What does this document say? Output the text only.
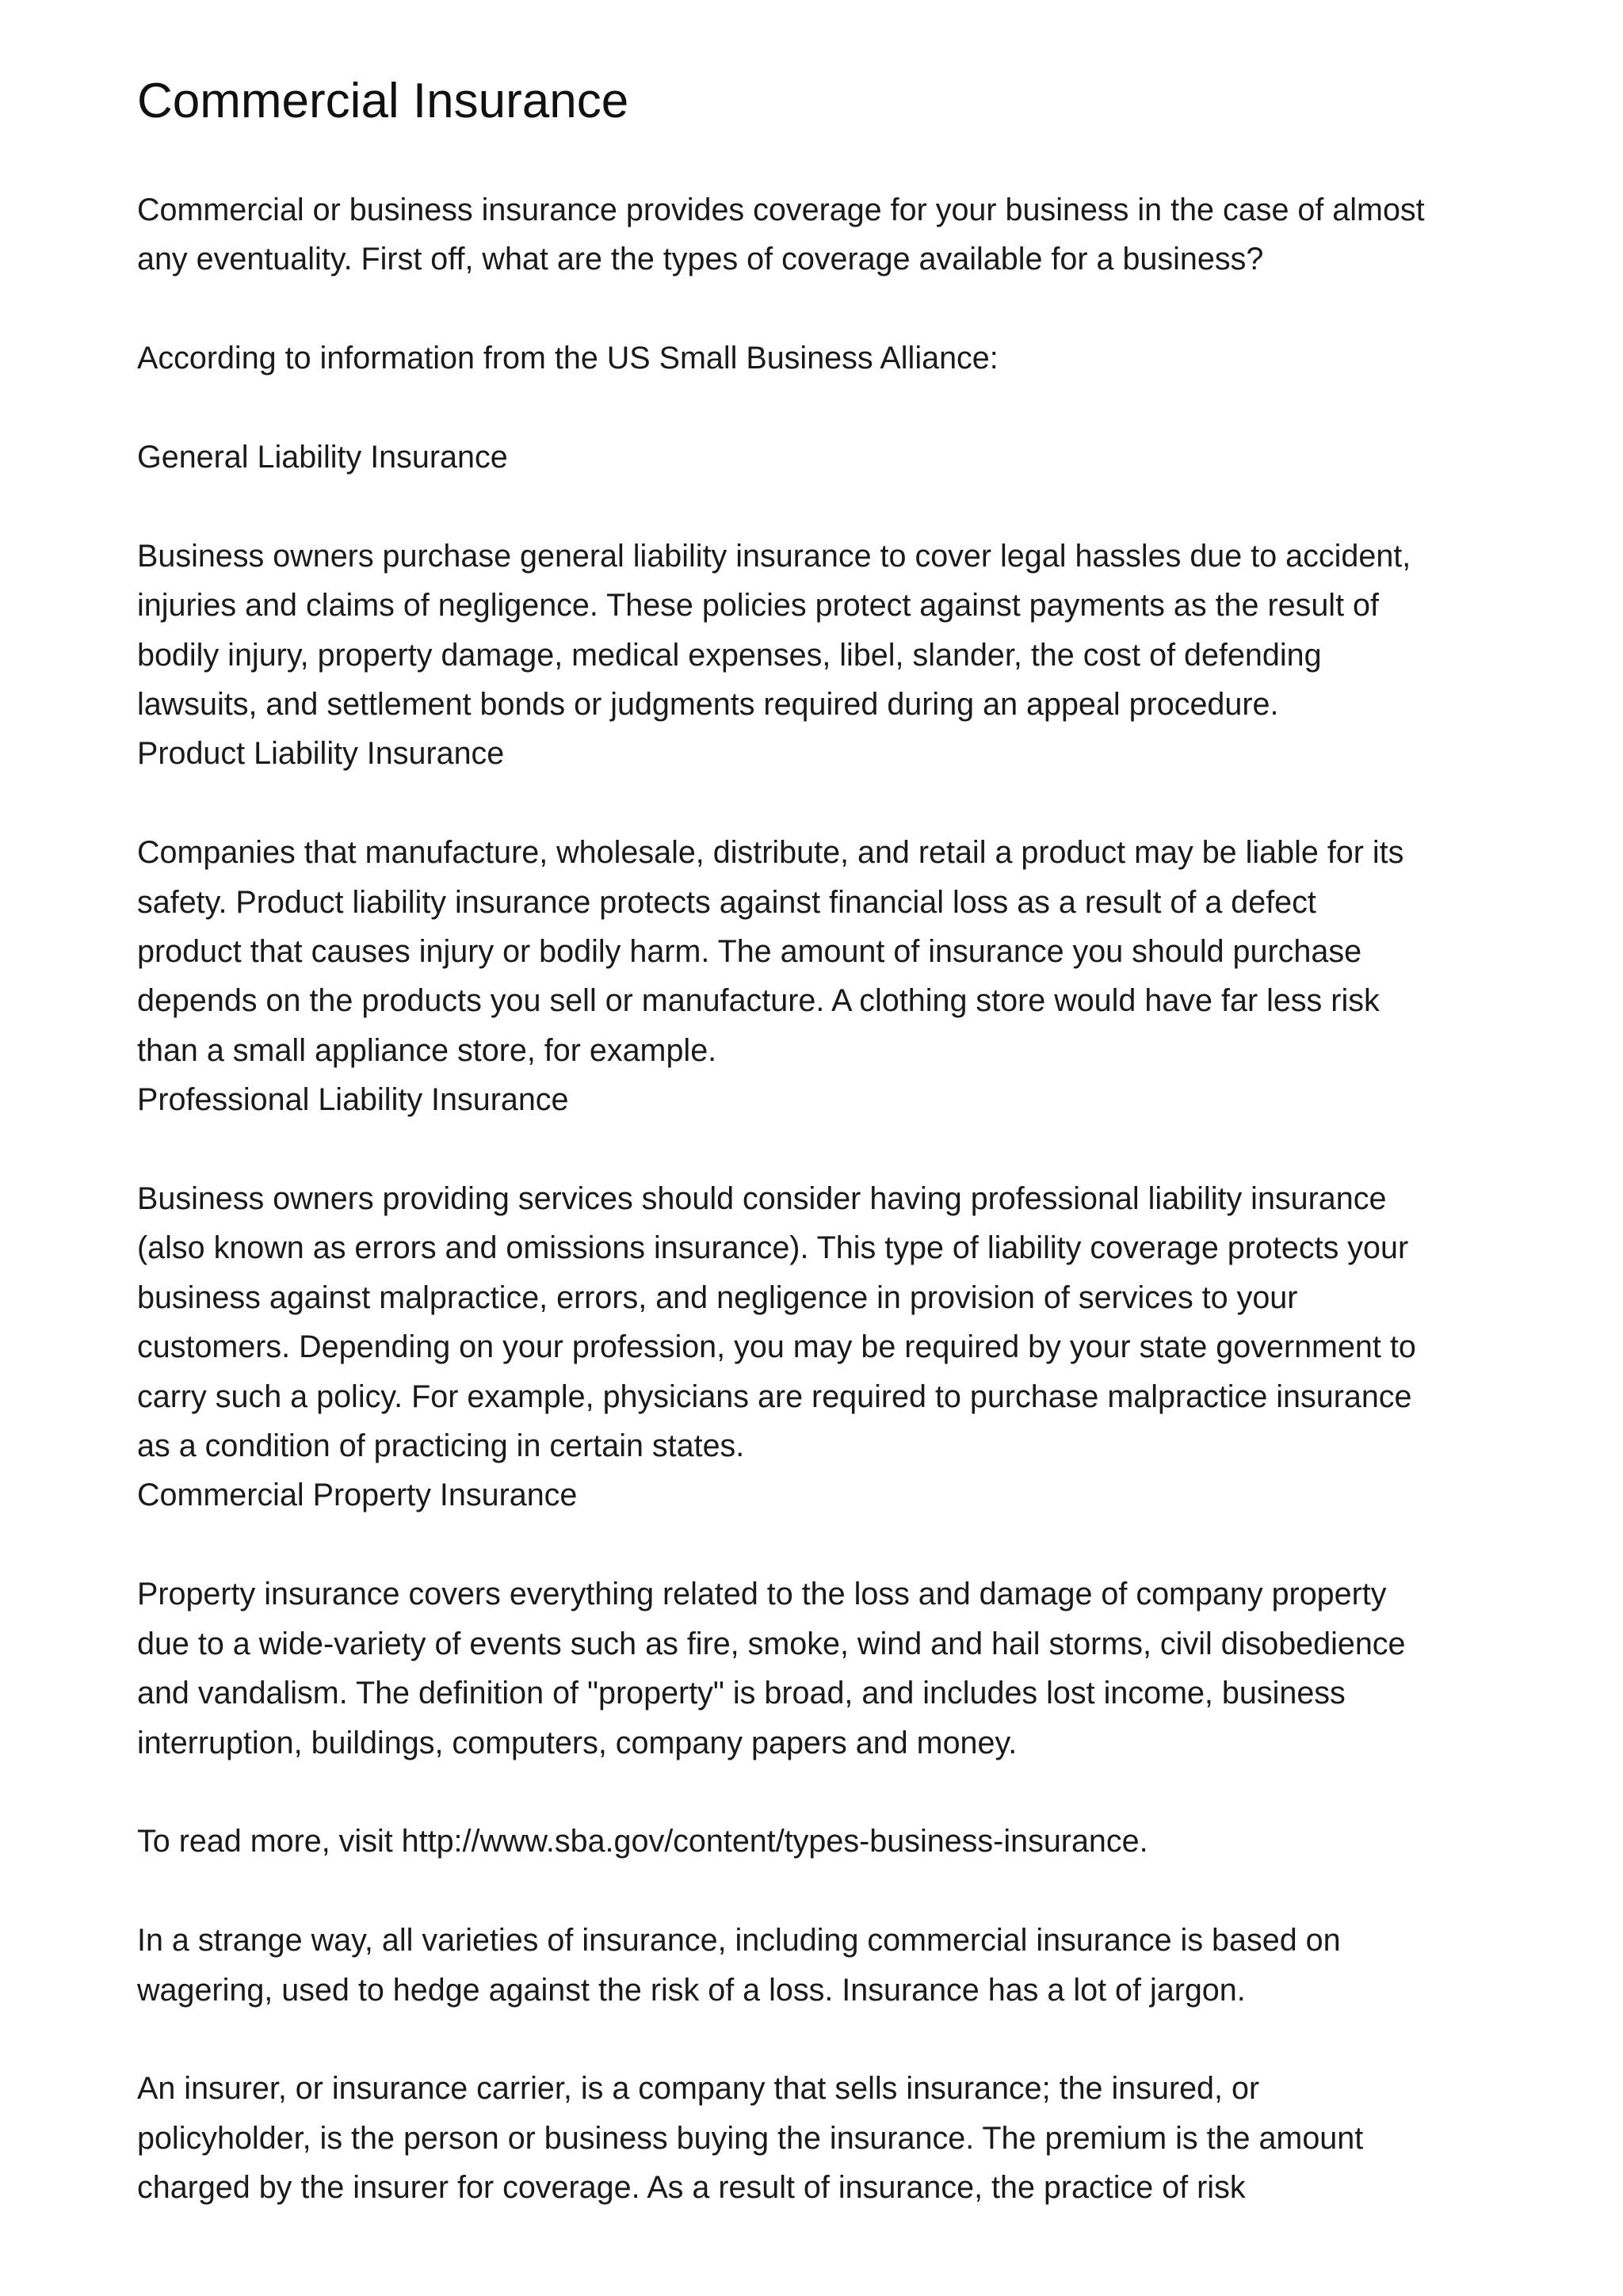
Commercial Insurance

Commercial or business insurance provides coverage for your business in the case of almost
any eventuality. First off, what are the types of coverage available for a business?

According to information from the US Small Business Alliance:

General Liability Insurance

Business owners purchase general liability insurance to cover legal hassles due to accident,
injuries and claims of negligence. These policies protect against payments as the result of
bodily injury, property damage, medical expenses, libel, slander, the cost of defending
lawsuits, and settlement bonds or judgments required during an appeal procedure.

Product Liability Insurance

Companies that manufacture, wholesale, distribute, and retail a product may be liable for its
safety. Product liability insurance protects against financial loss as a result of a defect
product that causes injury or bodily harm. The amount of insurance you should purchase
depends on the products you sell or manufacture. A clothing store would have far less risk
than a small appliance store, for example.

Professional Liability Insurance

Business owners providing services should consider having professional liability insurance
(also known as errors and omissions insurance). This type of liability coverage protects your
business against malpractice, errors, and negligence in provision of services to your
customers. Depending on your profession, you may be required by your state government to
carry such a policy. For example, physicians are required to purchase malpractice insurance
as a condition of practicing in certain states.

Commercial Property Insurance

Property insurance covers everything related to the loss and damage of company property
due to a wide-variety of events such as fire, smoke, wind and hail storms, civil disobedience
and vandalism. The definition of "property" is broad, and includes lost income, business
interruption, buildings, computers, company papers and money.

To read more, visit http://www.sba.gov/content/types-business-insurance.

In a strange way, all varieties of insurance, including commercial insurance is based on
wagering, used to hedge against the risk of a loss. Insurance has a lot of jargon.

An insurer, or insurance carrier, is a company that sells insurance; the insured, or
policyholder, is the person or business buying the insurance. The premium is the amount
charged by the insurer for coverage. As a result of insurance, the practice of risk
